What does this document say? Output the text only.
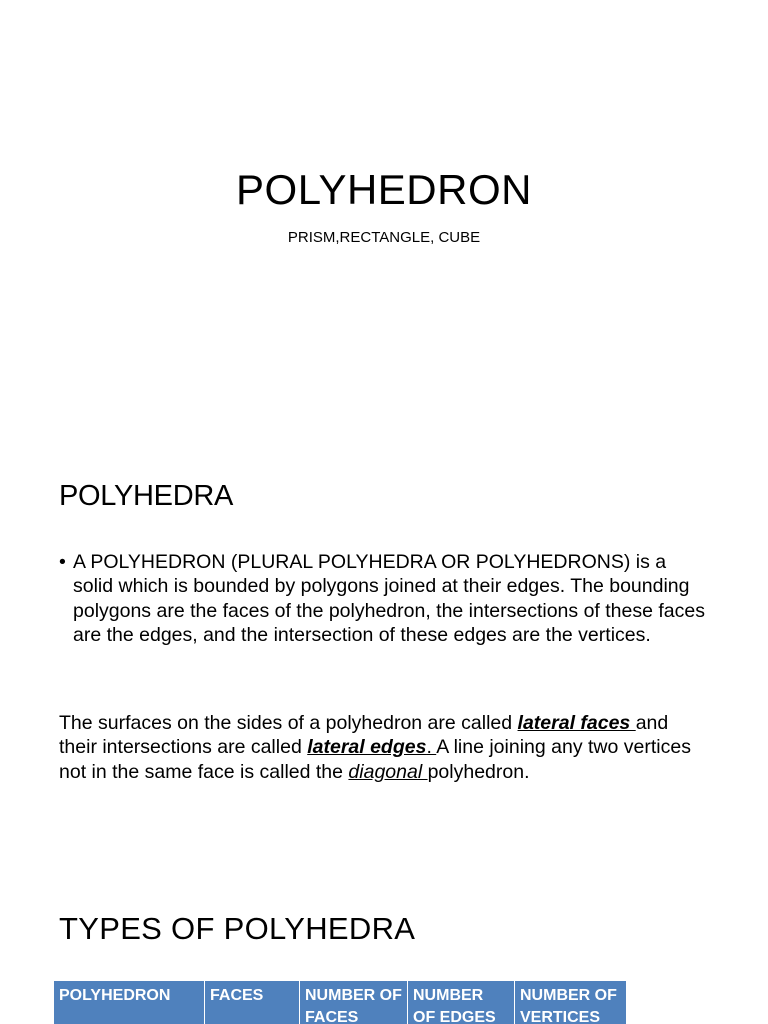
POLYHEDRON
PRISM,RECTANGLE, CUBE
POLYHEDRA
• A POLYHEDRON (PLURAL POLYHEDRA OR POLYHEDRONS) is a solid which is bounded by polygons joined at their edges. The bounding polygons are the faces of the polyhedron, the intersections of these faces are the edges, and the intersection of these edges are the vertices.
The surfaces on the sides of a polyhedron are called lateral faces and their intersections are called lateral edges. A line joining any two vertices not in the same face is called the diagonal polyhedron.
TYPES OF POLYHEDRA
POLYHEDRON	FACES	NUMBER OF FACES	NUMBER OF EDGES	NUMBER OF VERTICES
